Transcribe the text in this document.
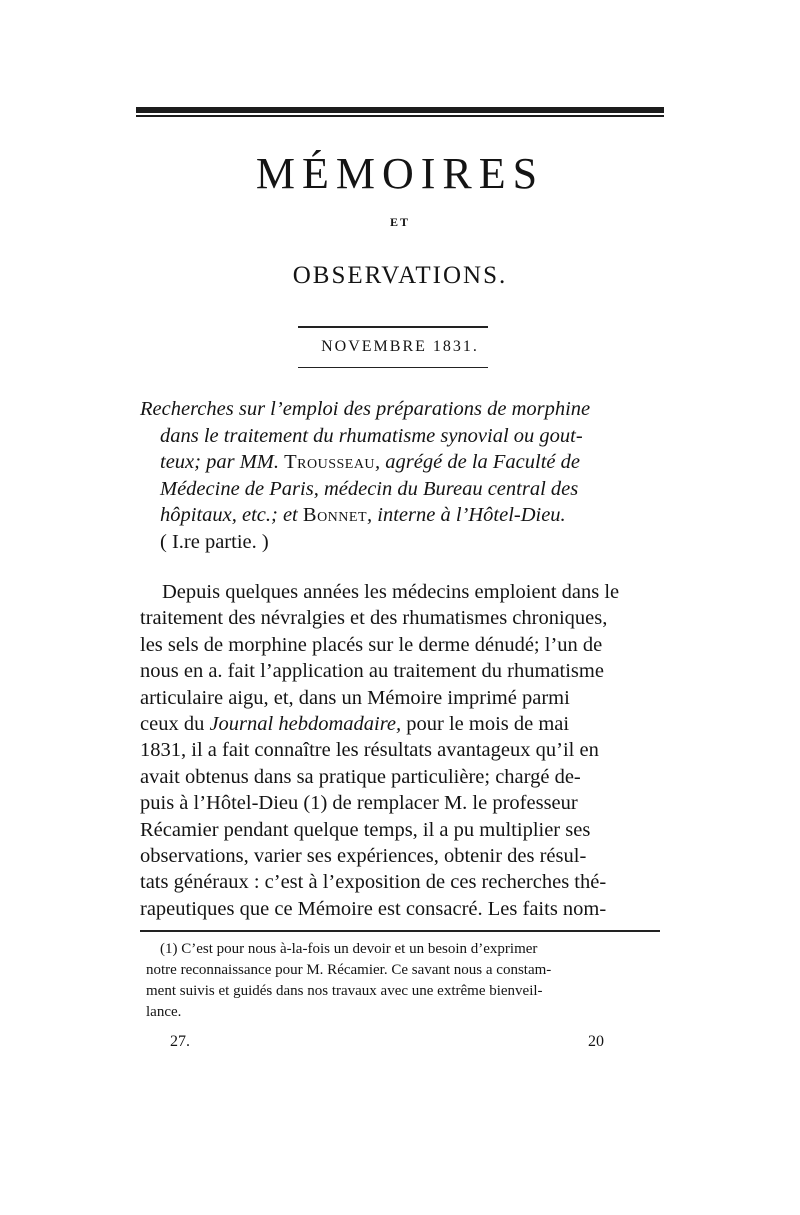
MÉMOIRES
ET
OBSERVATIONS.
NOVEMBRE 1831.
Recherches sur l’emploi des préparations de morphine
dans le traitement du rhumatisme synovial ou gout-
teux; par MM. Trousseau, agrégé de la Faculté de
Médecine de Paris, médecin du Bureau central des
hôpitaux, etc.; et Bonnet, interne à l’Hôtel-Dieu.
( I.re partie. )
Depuis quelques années les médecins emploient dans le
traitement des névralgies et des rhumatismes chroniques,
les sels de morphine placés sur le derme dénudé; l’un de
nous en a. fait l’application au traitement du rhumatisme
articulaire aigu, et, dans un Mémoire imprimé parmi
ceux du Journal hebdomadaire, pour le mois de mai
1831, il a fait connaître les résultats avantageux qu’il en
avait obtenus dans sa pratique particulière; chargé de-
puis à l’Hôtel-Dieu (1) de remplacer M. le professeur
Récamier pendant quelque temps, il a pu multiplier ses
observations, varier ses expériences, obtenir des résul-
tats généraux : c’est à l’exposition de ces recherches thé-
rapeutiques que ce Mémoire est consacré. Les faits nom-
(1) C’est pour nous à-la-fois un devoir et un besoin d’exprimer
notre reconnaissance pour M. Récamier. Ce savant nous a constam-
ment suivis et guidés dans nos travaux avec une extrême bienveil-
lance.
27.	20
